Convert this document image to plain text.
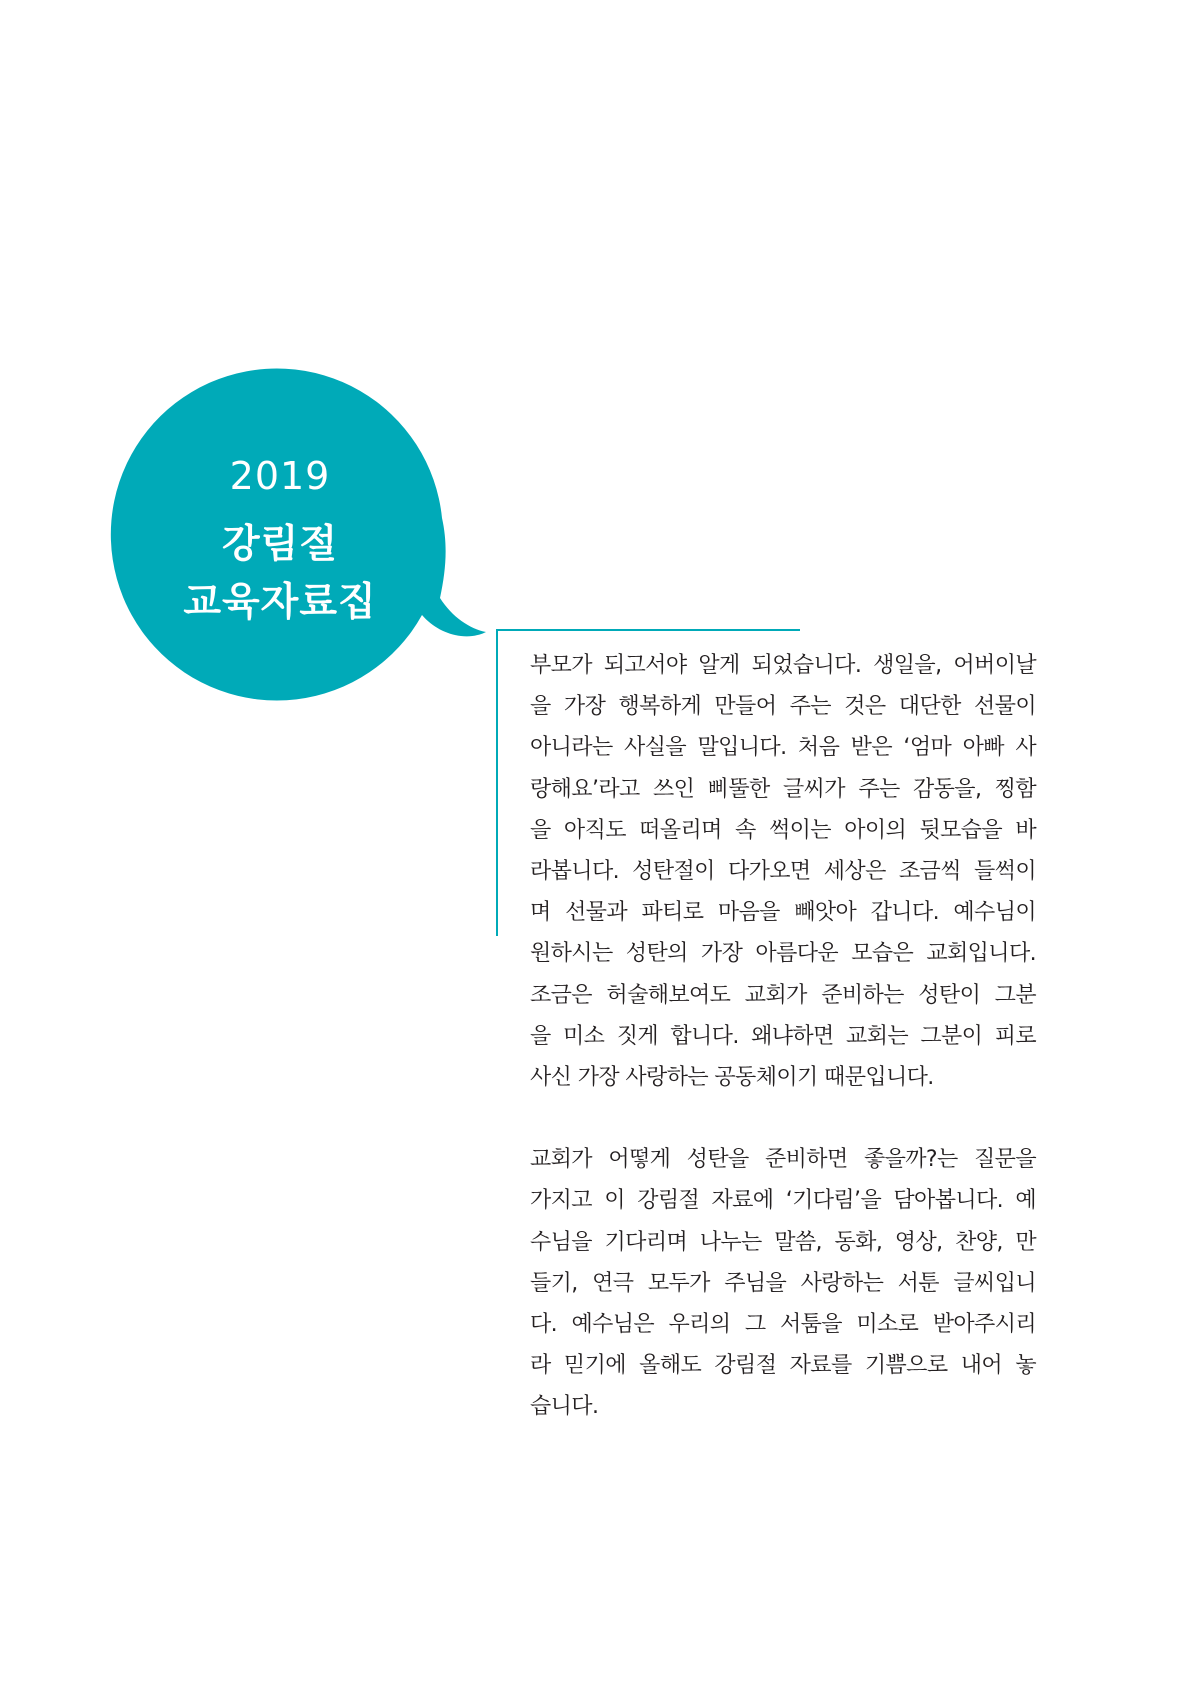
2019
강림절
교육자료집
부모가 되고서야 알게 되었습니다. 생일을, 어버이날
을 가장 행복하게 만들어 주는 것은 대단한 선물이
아니라는 사실을 말입니다. 처음 받은 ‘엄마 아빠 사
랑해요’라고 쓰인 삐뚤한 글씨가 주는 감동을, 찡함
을 아직도 떠올리며 속 썩이는 아이의 뒷모습을 바
라봅니다. 성탄절이 다가오면 세상은 조금씩 들썩이
며 선물과 파티로 마음을 빼앗아 갑니다. 예수님이
원하시는 성탄의 가장 아름다운 모습은 교회입니다.
조금은 허술해보여도 교회가 준비하는 성탄이 그분
을 미소 짓게 합니다. 왜냐하면 교회는 그분이 피로
사신 가장 사랑하는 공동체이기 때문입니다.
교회가 어떻게 성탄을 준비하면 좋을까?는 질문을
가지고 이 강림절 자료에 ‘기다림’을 담아봅니다. 예
수님을 기다리며 나누는 말씀, 동화, 영상, 찬양, 만
들기, 연극 모두가 주님을 사랑하는 서툰 글씨입니
다. 예수님은 우리의 그 서툼을 미소로 받아주시리
라 믿기에 올해도 강림절 자료를 기쁨으로 내어 놓
습니다.
